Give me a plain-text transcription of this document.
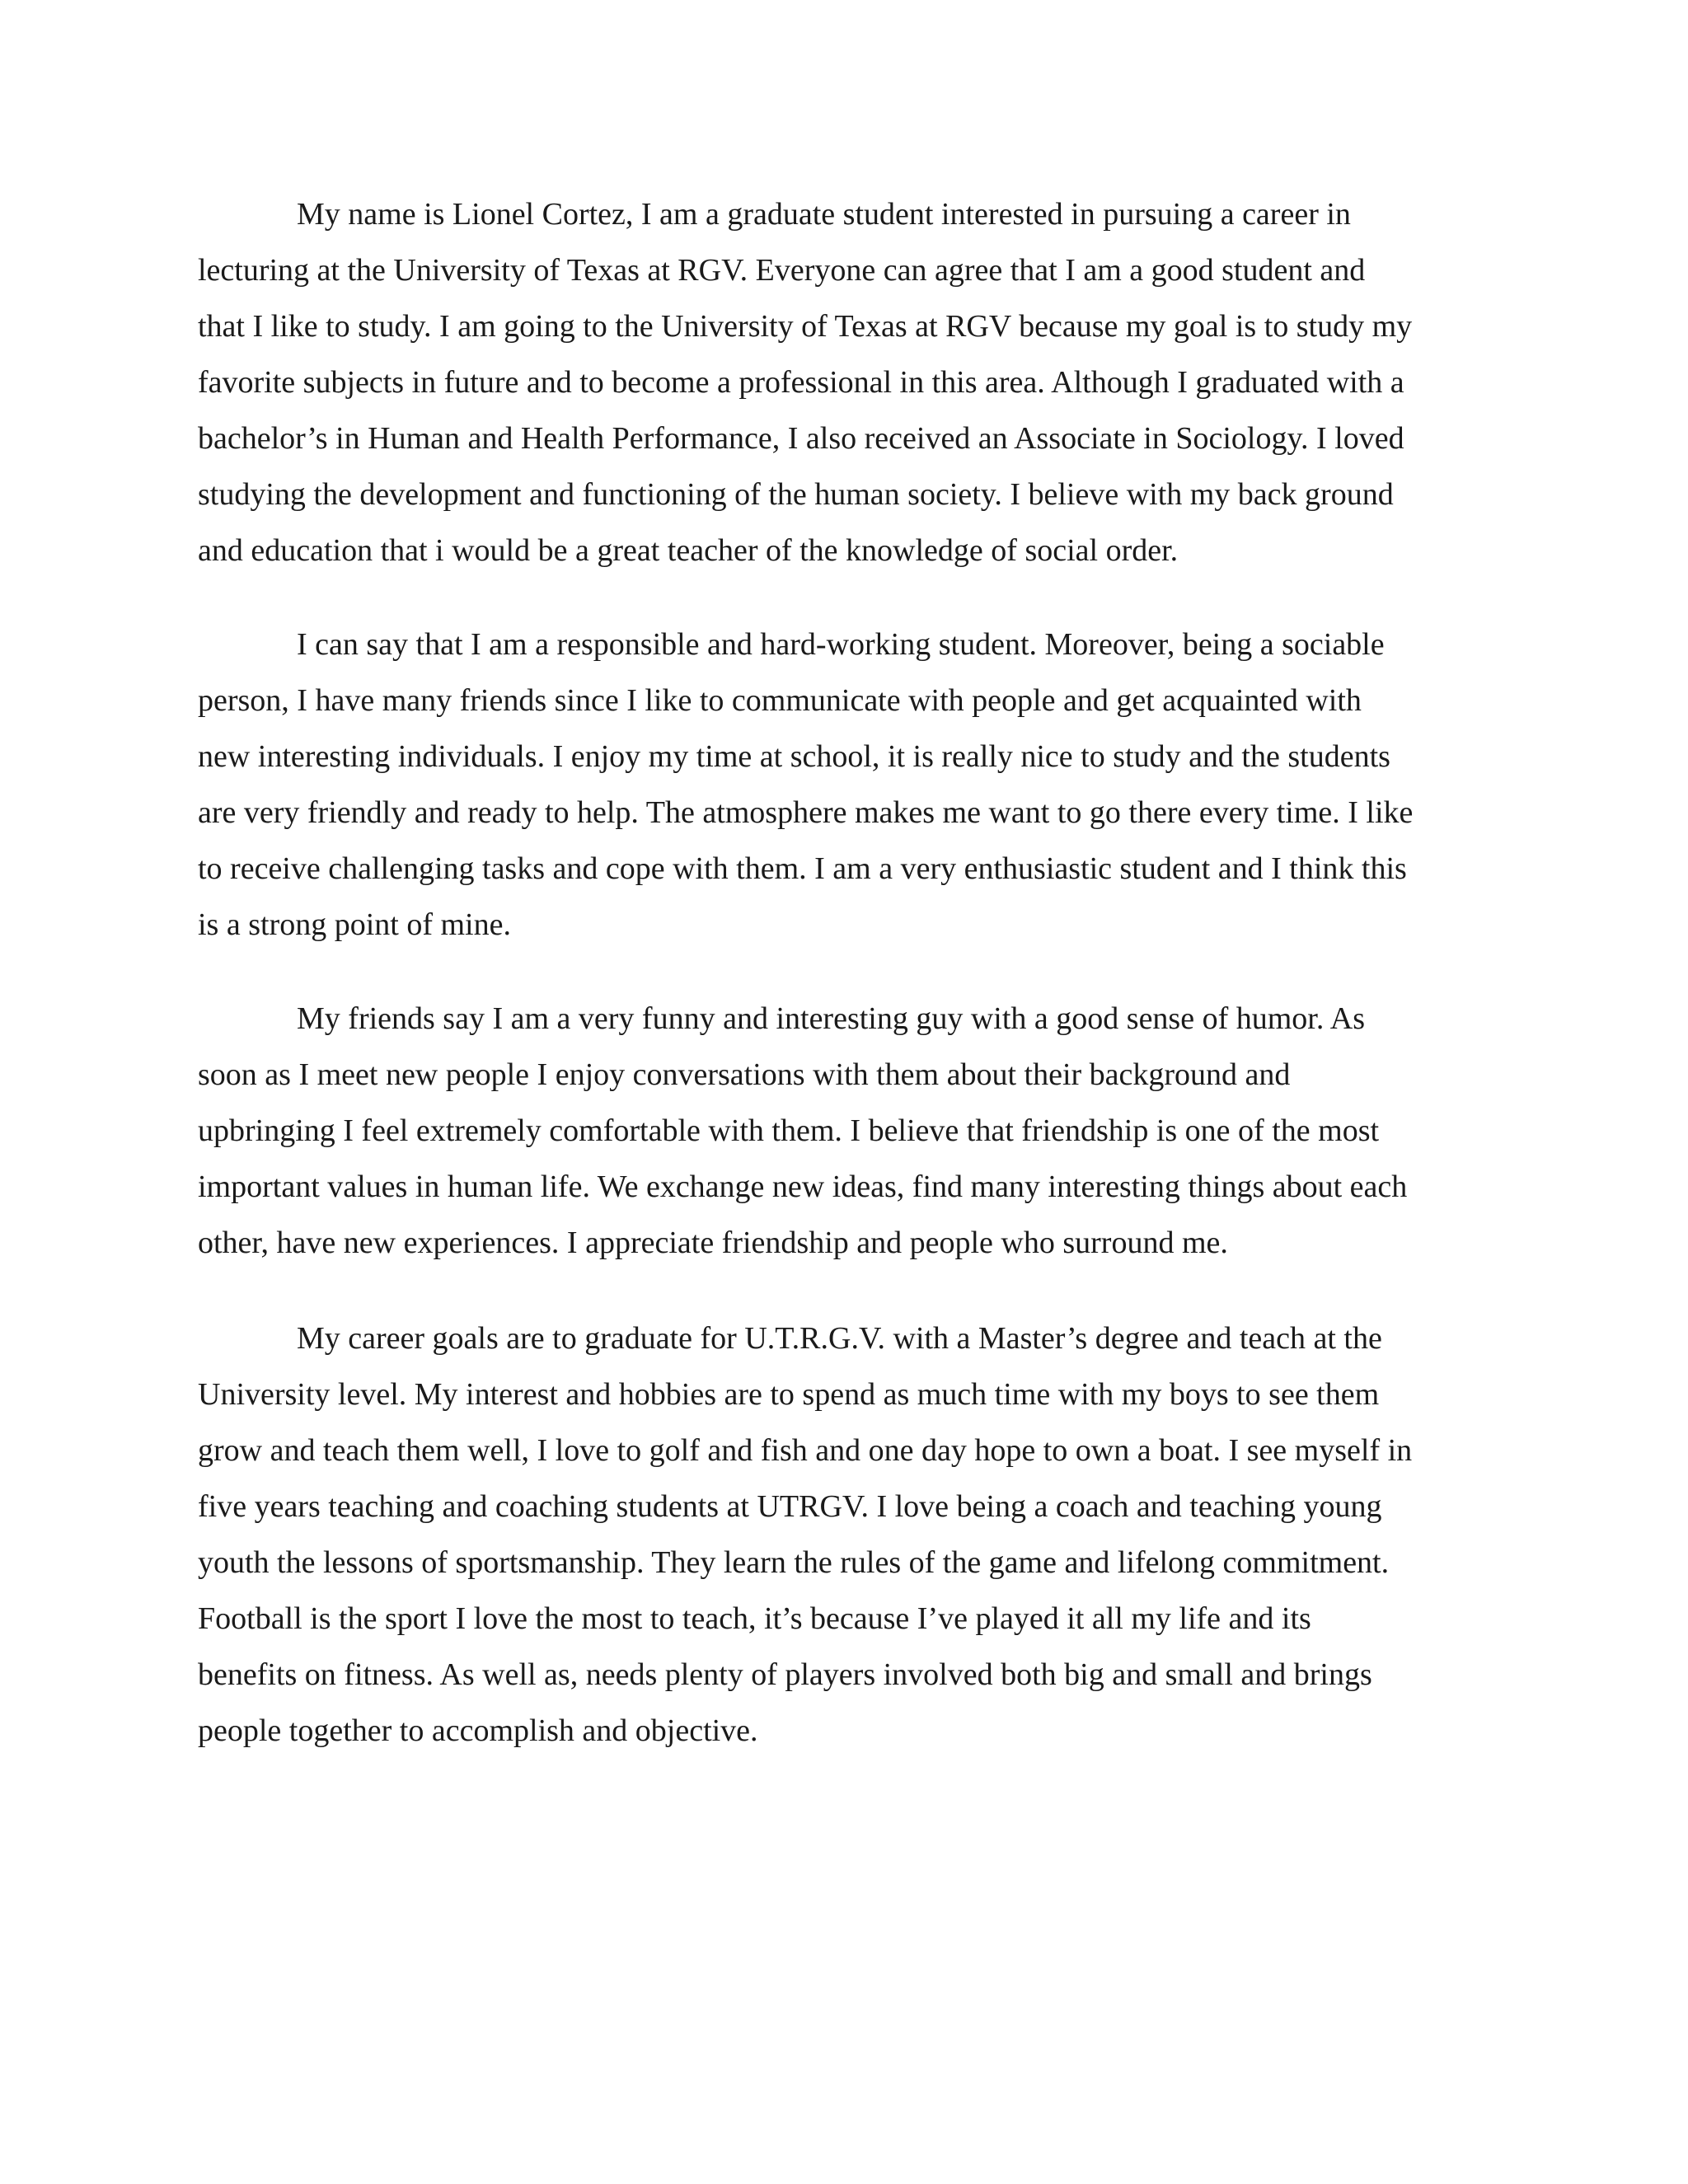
My name is Lionel Cortez, I am a graduate student interested in pursuing a career in

lecturing at the University of Texas at RGV. Everyone can agree that I am a good student and

that I like to study. I am going to the University of Texas at RGV because my goal is to study my

favorite subjects in future and to become a professional in this area. Although I graduated with a

bachelor’s in Human and Health Performance, I also received an Associate in Sociology. I loved

studying the development and functioning of the human society. I believe with my back ground

and education that i would be a great teacher of the knowledge of social order.

I can say that I am a responsible and hard-working student. Moreover, being a sociable

person, I have many friends since I like to communicate with people and get acquainted with

new interesting individuals. I enjoy my time at school, it is really nice to study and the students

are very friendly and ready to help. The atmosphere makes me want to go there every time. I like

to receive challenging tasks and cope with them. I am a very enthusiastic student and I think this

is a strong point of mine.

My friends say I am a very funny and interesting guy with a good sense of humor. As

soon as I meet new people I enjoy conversations with them about their background and

upbringing I feel extremely comfortable with them. I believe that friendship is one of the most

important values in human life. We exchange new ideas, find many interesting things about each

other, have new experiences. I appreciate friendship and people who surround me.

My career goals are to graduate for U.T.R.G.V. with a Master’s degree and teach at the

University level. My interest and hobbies are to spend as much time with my boys to see them

grow and teach them well, I love to golf and fish and one day hope to own a boat. I see myself in

five years teaching and coaching students at UTRGV. I love being a coach and teaching young

youth the lessons of sportsmanship. They learn the rules of the game and lifelong commitment.

Football is the sport I love the most to teach, it’s because I’ve played it all my life and its

benefits on fitness. As well as, needs plenty of players involved both big and small and brings

people together to accomplish and objective.
